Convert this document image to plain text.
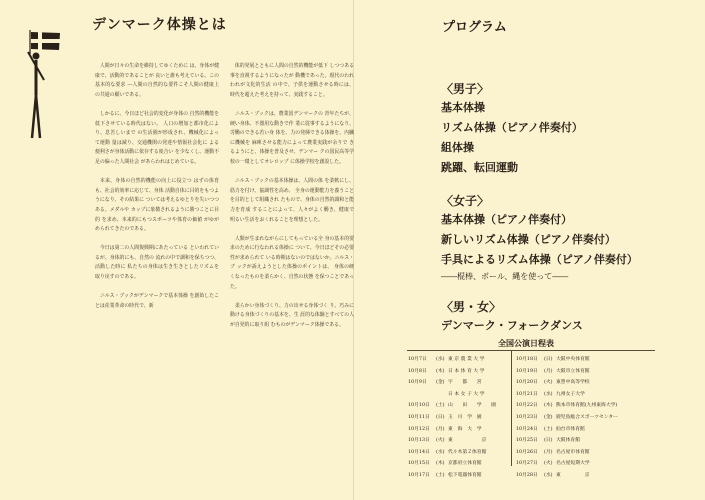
デンマーク体操とは

人間が日々の生命を維持してゆくために は、身体が健康で、活動的であることが 良いと誰も考えている。この基本的な要求 ―人間の自然的な要件こそ人間の健康上 の共通の願いである。

しかるに、今日ほど社会的変化が身体の 自然的機能を低下させている時代はない。 人口の増加と都市化により、息苦しいまで の生活圏が形成され、機械化によって運動 量は減り、交通機関の発達や情報社会化に よる便利さが身体活動に依存する度合い を少なくし、運動不足の偏った人間社会 があらわれはじめている。

本来、身体の自然的機能の向上に役立つ はずの体育も、社会的効率に応じて、身体 活動自体に目的をもつようになり、その結果に ついては考えるゆとりを失いつつある。メダルや カップに象徴されるように勝つことに目的 を求め、本来的にもつスポーツや体育の価値 がゆがめられてきたのである。

今日は第二の人間復興期にあたっている といわれているが、身体的にも、自然の 流れの中で調和を保ちつつ、活動した時に 私たちの身体は生き生きとしたリズムを 取り戻すのである。

ニルス・ブックがデンマークで基本体操 を創始したことは産業革命の時代で、新

体的発展とともに人間の自然的機能が低下 しつつある事を直視するようになったが 動機であった。現代のわれわれが文化的生活 の中で、子供を運動させる時には、 時代を超えた考えを持って、実践すること。

ニルス・ブックは、農業国デンマークの 青年たちが、硬い身体、不器用な動きで作 業に従事するようになり、労働のできる若い身 体を、力の発揮できる体操を、内臓に機械を 麻痺させる能力によって農業実践が余りで きるようにと、体操を普及させ、デンマー クの国民高等学校の一環としてオレロップ に体操学校を創設した。

ニルス・ブックの基本体操は、人間の体 を柔軟にし、筋力を付け、協調性を高め、 全身の運動能力を養うことを目的として組織され たもので、身体の自然的調和と能力を育成 することによって、人々がよく働き、健康で 明るい生活をおくれることを理想とした。

人類が生まれながらにしてもっている全 身の基本的要求のために行なわれる体操に ついて、今日ほどその必要性が求められて いる時期はないのではないか。ニルス・ブ ックが訴えようとした体操のポイントは、 身体の硬くなったものを柔らかく、自然の状態 を保つことであった。

柔らかい身体づくり、力の出せる身体づく り、巧みに動ける身体づくりの基本を、生 涯的な体験とすべての人が自発的に取り組 むものがデンマーク体操である。

プログラム

〈男子〉

基本体操

リズム体操（ピアノ伴奏付）

組体操

跳躍、転回運動

〈女子〉

基本体操（ピアノ伴奏付）

新しいリズム体操（ピアノ伴奏付）

手具によるリズム体操（ピアノ伴奏付）

――棍棒、ボール、縄を使って――

〈男・女〉

デンマーク・フォークダンス

全国公演日程表
10月7日 (水) 東 京 農 業 大 学
10月8日 (木) 日 本 体 育 大 学
10月9日 (金) 宇　　都　　宮
日 本 女 子 大 学
10月10日 (土) 山　　田　　学　　園
10月11日 (日) 玉　川　学　園
10月12日 (月) 東　海　大　学
10月13日 (火) 東　　　　　　京
10月14日 (水) 代々木第２体育館
10月15日 (木) 京都府立体育館
10月17日 (土) 松下電器体育館
10月18日 (日) 大阪中央体育館
10月19日 (月) 大阪市立体育館
10月20日 (火) 東豊中高等学校
10月21日 (水) 九州女子大学
10月22日 (木) 熊本市体育館(九州東海大学)
10月23日 (金) 鹿児島総合スポーツセンター
10月24日 (土) 仙台市体育館
10月25日 (日) 大阪体育館
10月26日 (月) 名古屋市体育館
10月27日 (火) 名古屋短期大学
10月28日 (水) 東　　　　　京
